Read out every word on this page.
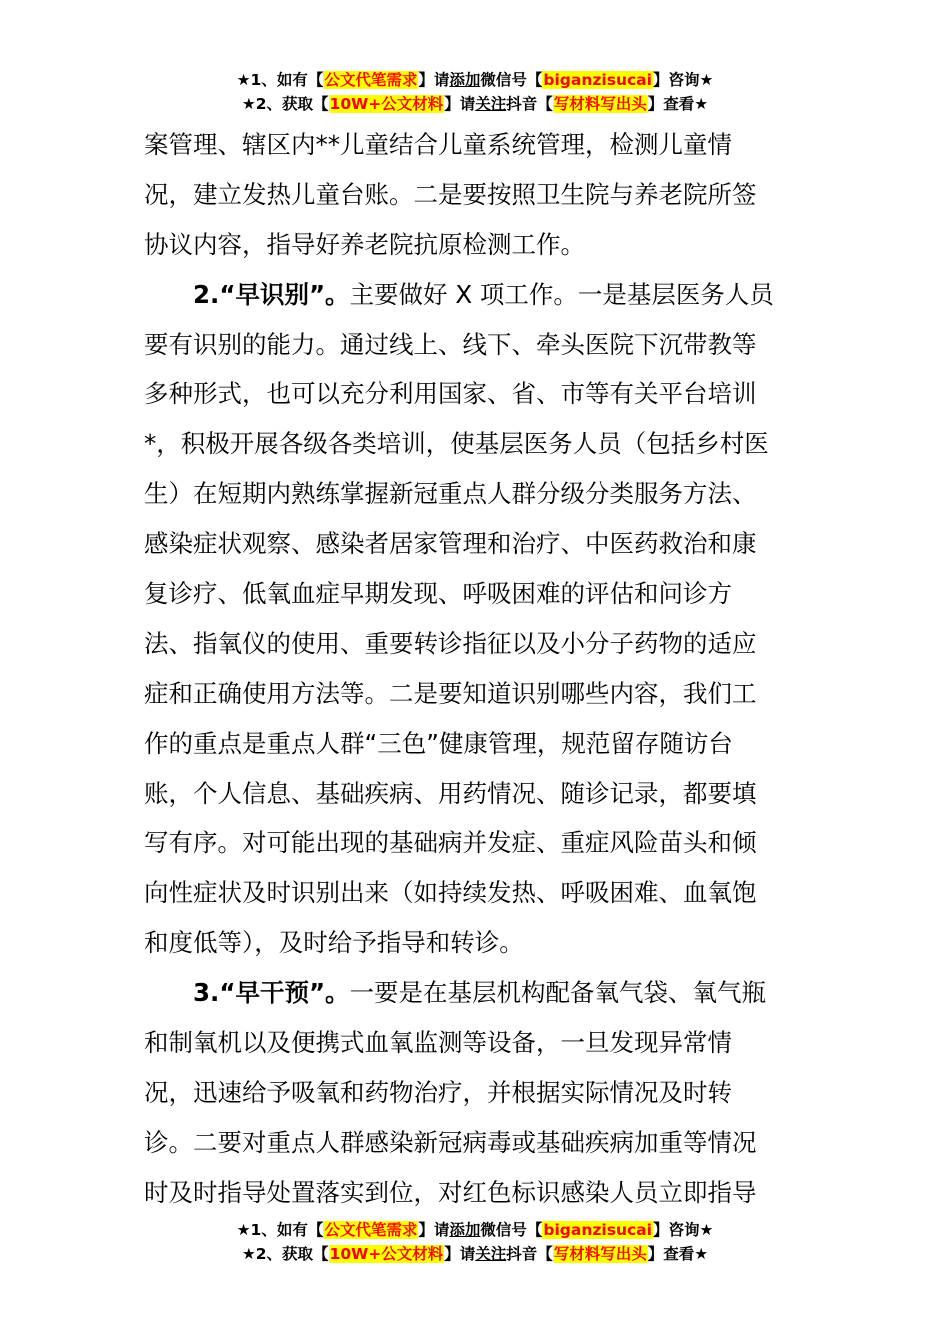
★1、如有【公文代笔需求】请添加微信号【biganzisucai】咨询★
★2、获取【10W+公文材料】请关注抖音【写材料写出头】查看★
案管理、辖区内**儿童结合儿童系统管理，检测儿童情
况，建立发热儿童台账。二是要按照卫生院与养老院所签
协议内容，指导好养老院抗原检测工作。
2.“早识别”。主要做好 X 项工作。一是基层医务人员
要有识别的能力。通过线上、线下、牵头医院下沉带教等
多种形式，也可以充分利用国家、省、市等有关平台培训
*，积极开展各级各类培训，使基层医务人员（包括乡村医
生）在短期内熟练掌握新冠重点人群分级分类服务方法、
感染症状观察、感染者居家管理和治疗、中医药救治和康
复诊疗、低氧血症早期发现、呼吸困难的评估和问诊方
法、指氧仪的使用、重要转诊指征以及小分子药物的适应
症和正确使用方法等。二是要知道识别哪些内容，我们工
作的重点是重点人群“三色”健康管理，规范留存随访台
账，个人信息、基础疾病、用药情况、随诊记录，都要填
写有序。对可能出现的基础病并发症、重症风险苗头和倾
向性症状及时识别出来（如持续发热、呼吸困难、血氧饱
和度低等），及时给予指导和转诊。
3.“早干预”。一要是在基层机构配备氧气袋、氧气瓶
和制氧机以及便携式血氧监测等设备，一旦发现异常情
况，迅速给予吸氧和药物治疗，并根据实际情况及时转
诊。二要对重点人群感染新冠病毒或基础疾病加重等情况
时及时指导处置落实到位，对红色标识感染人员立即指导
★1、如有【公文代笔需求】请添加微信号【biganzisucai】咨询★
★2、获取【10W+公文材料】请关注抖音【写材料写出头】查看★
